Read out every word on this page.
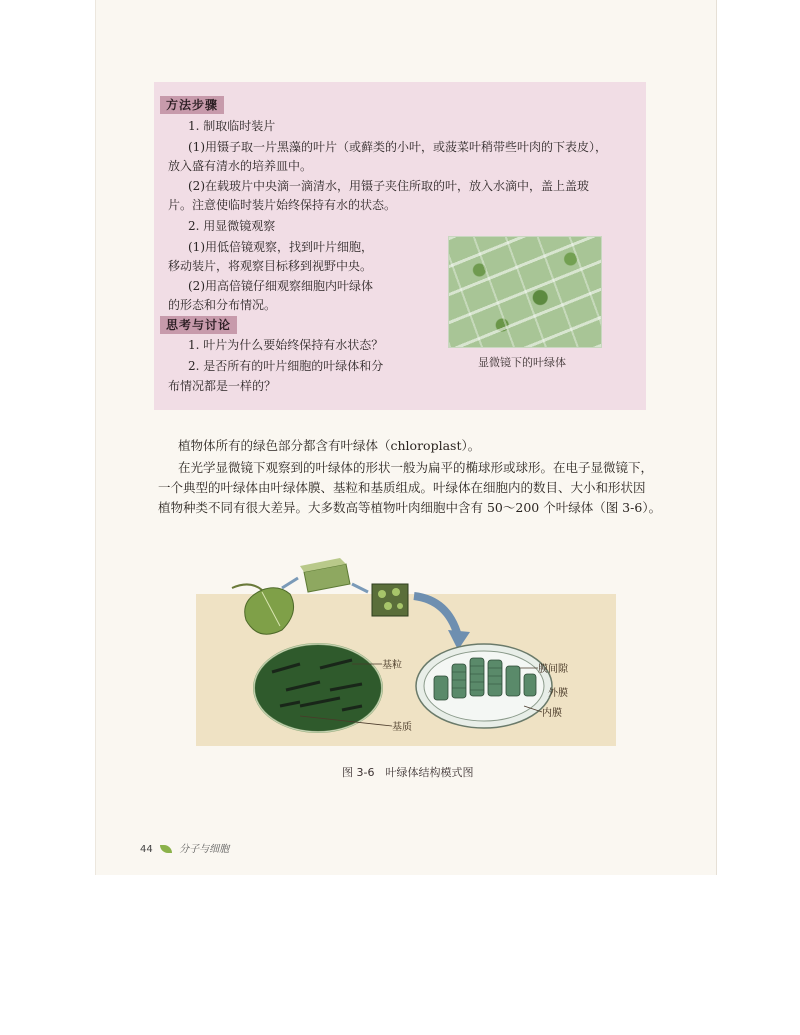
方法步骤
1. 制取临时装片
(1)用镊子取一片黑藻的叶片（或藓类的小叶，或菠菜叶稍带些叶肉的下表皮），
放入盛有清水的培养皿中。
(2)在载玻片中央滴一滴清水，用镊子夹住所取的叶，放入水滴中，盖上盖玻
片。注意使临时装片始终保持有水的状态。
2. 用显微镜观察
(1)用低倍镜观察，找到叶片细胞，
移动装片，将观察目标移到视野中央。
(2)用高倍镜仔细观察细胞内叶绿体
的形态和分布情况。
思考与讨论
1. 叶片为什么要始终保持有水状态？
2. 是否所有的叶片细胞的叶绿体和分
布情况都是一样的？
显微镜下的叶绿体
植物体所有的绿色部分都含有叶绿体（chloroplast）。
在光学显微镜下观察到的叶绿体的形状一般为扁平的椭球形或球形。在电子显微镜下，
一个典型的叶绿体由叶绿体膜、基粒和基质组成。叶绿体在细胞内的数目、大小和形状因
植物种类不同有很大差异。大多数高等植物叶肉细胞中含有 50～200 个叶绿体（图 3-6）。
基粒
基质
膜间隙
外膜
内膜
图 3-6　叶绿体结构模式图
44	分子与细胞
